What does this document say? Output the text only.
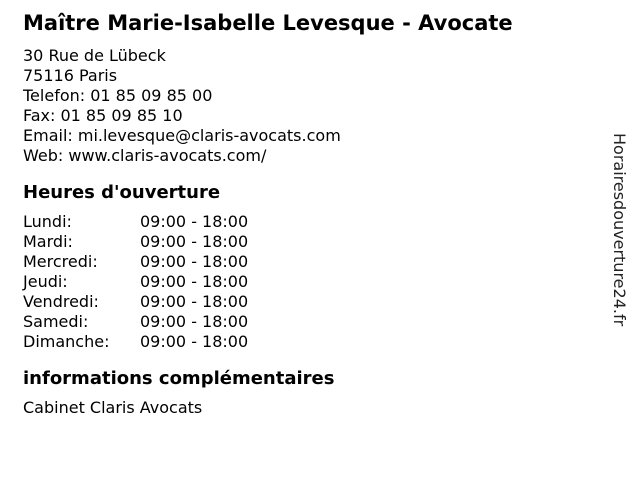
Maître Marie-Isabelle Levesque - Avocate
30 Rue de Lübeck
75116 Paris
Telefon: 01 85 09 85 00
Fax: 01 85 09 85 10
Email: mi.levesque@claris-avocats.com
Web: www.claris-avocats.com/
Heures d'ouverture
Lundi:	09:00 - 18:00
Mardi:	09:00 - 18:00
Mercredi:	09:00 - 18:00
Jeudi:	09:00 - 18:00
Vendredi:	09:00 - 18:00
Samedi:	09:00 - 18:00
Dimanche:	09:00 - 18:00
informations complémentaires
Cabinet Claris Avocats
Horairesdouverture24.fr
